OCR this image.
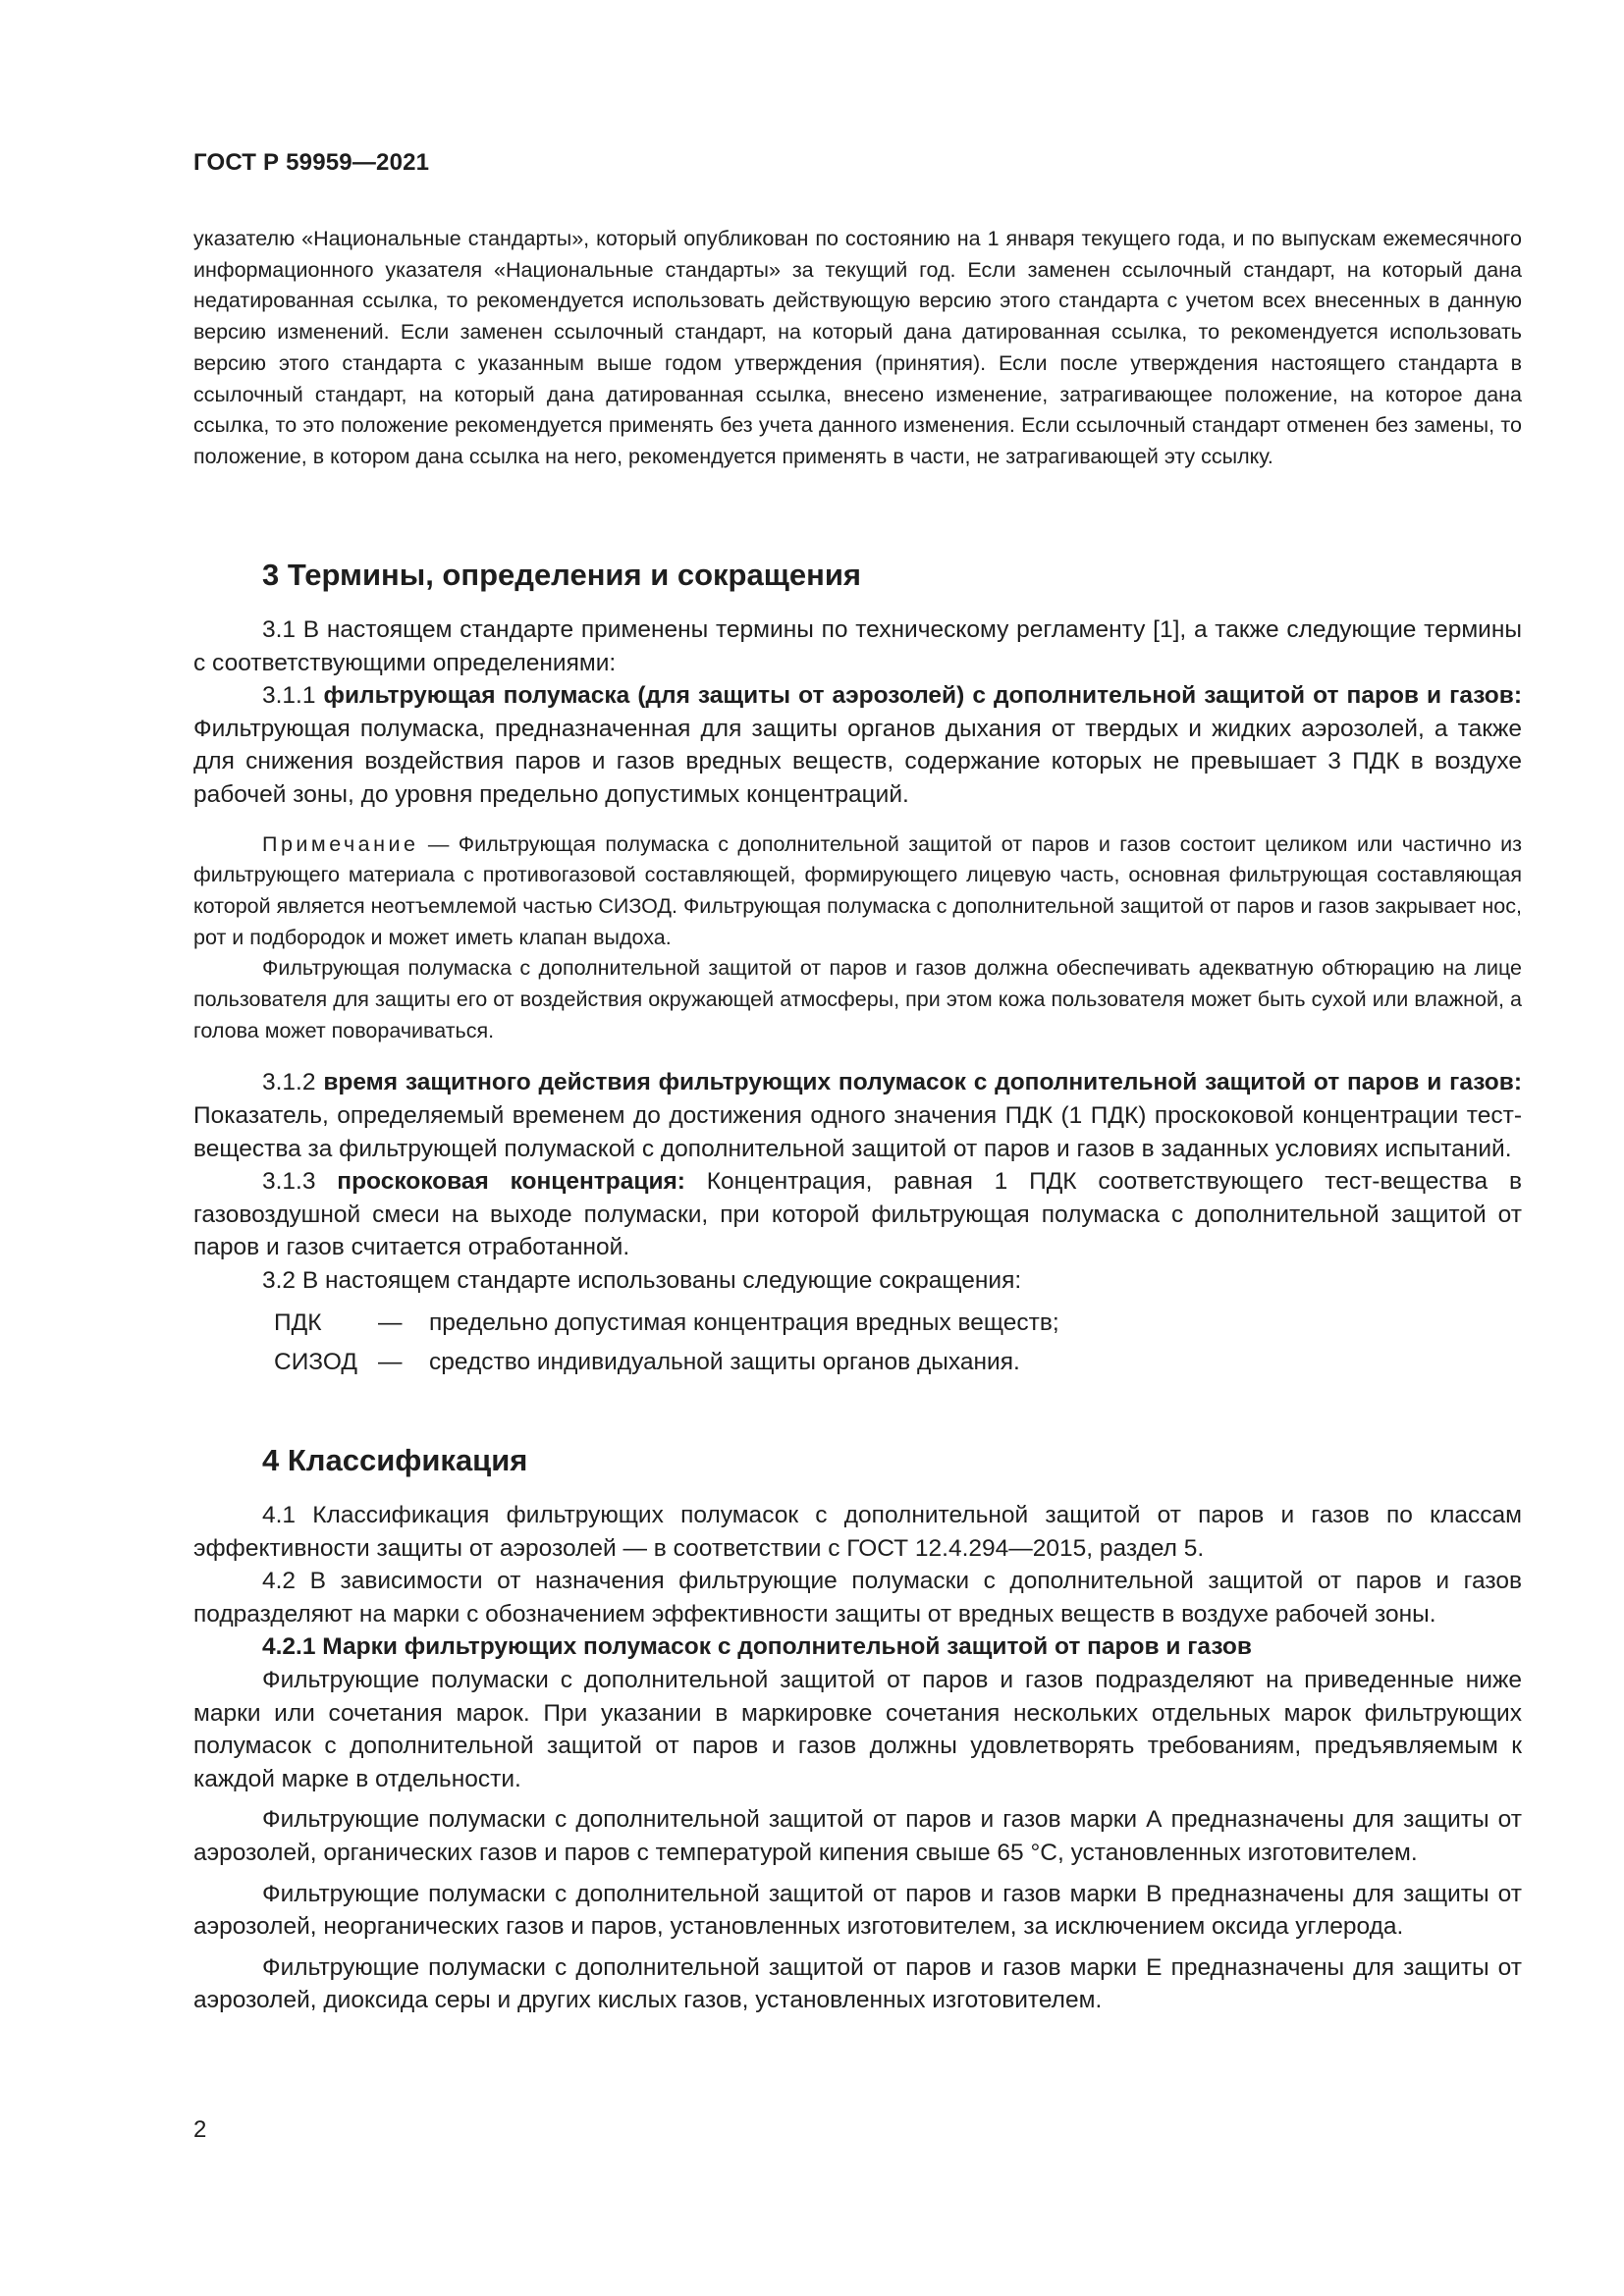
ГОСТ Р 59959—2021

указателю «Национальные стандарты», который опубликован по состоянию на 1 января текущего года, и по выпускам ежемесячного информационного указателя «Национальные стандарты» за текущий год. Если заменен ссылочный стандарт, на который дана недатированная ссылка, то рекомендуется использовать действующую версию этого стандарта с учетом всех внесенных в данную версию изменений. Если заменен ссылочный стандарт, на который дана датированная ссылка, то рекомендуется использовать версию этого стандарта с указанным выше годом утверждения (принятия). Если после утверждения настоящего стандарта в ссылочный стандарт, на который дана датированная ссылка, внесено изменение, затрагивающее положение, на которое дана ссылка, то это положение рекомендуется применять без учета данного изменения. Если ссылочный стандарт отменен без замены, то положение, в котором дана ссылка на него, рекомендуется применять в части, не затрагивающей эту ссылку.

3 Термины, определения и сокращения

3.1 В настоящем стандарте применены термины по техническому регламенту [1], а также следующие термины с соответствующими определениями:

3.1.1 фильтрующая полумаска (для защиты от аэрозолей) с дополнительной защитой от паров и газов: Фильтрующая полумаска, предназначенная для защиты органов дыхания от твердых и жидких аэрозолей, а также для снижения воздействия паров и газов вредных веществ, содержание которых не превышает 3 ПДК в воздухе рабочей зоны, до уровня предельно допустимых концентраций.

Примечание — Фильтрующая полумаска с дополнительной защитой от паров и газов состоит целиком или частично из фильтрующего материала с противогазовой составляющей, формирующего лицевую часть, основная фильтрующая составляющая которой является неотъемлемой частью СИЗОД. Фильтрующая полумаска с дополнительной защитой от паров и газов закрывает нос, рот и подбородок и может иметь клапан выдоха.

Фильтрующая полумаска с дополнительной защитой от паров и газов должна обеспечивать адекватную обтюрацию на лице пользователя для защиты его от воздействия окружающей атмосферы, при этом кожа пользователя может быть сухой или влажной, а голова может поворачиваться.

3.1.2 время защитного действия фильтрующих полумасок с дополнительной защитой от паров и газов: Показатель, определяемый временем до достижения одного значения ПДК (1 ПДК) проскоковой концентрации тест-вещества за фильтрующей полумаской с дополнительной защитой от паров и газов в заданных условиях испытаний.

3.1.3 проскоковая концентрация: Концентрация, равная 1 ПДК соответствующего тест-вещества в газовоздушной смеси на выходе полумаски, при которой фильтрующая полумаска с дополнительной защитой от паров и газов считается отработанной.

3.2 В настоящем стандарте использованы следующие сокращения:

ПДК	—	предельно допустимая концентрация вредных веществ;
СИЗОД —	средство индивидуальной защиты органов дыхания.
4 Классификация

4.1 Классификация фильтрующих полумасок с дополнительной защитой от паров и газов по классам эффективности защиты от аэрозолей — в соответствии с ГОСТ 12.4.294—2015, раздел 5.

4.2 В зависимости от назначения фильтрующие полумаски с дополнительной защитой от паров и газов подразделяют на марки с обозначением эффективности защиты от вредных веществ в воздухе рабочей зоны.

4.2.1 Марки фильтрующих полумасок с дополнительной защитой от паров и газов

Фильтрующие полумаски с дополнительной защитой от паров и газов подразделяют на приведенные ниже марки или сочетания марок. При указании в маркировке сочетания нескольких отдельных марок фильтрующих полумасок с дополнительной защитой от паров и газов должны удовлетворять требованиям, предъявляемым к каждой марке в отдельности.

Фильтрующие полумаски с дополнительной защитой от паров и газов марки А предназначены для защиты от аэрозолей, органических газов и паров с температурой кипения свыше 65 °С, установленных изготовителем.

Фильтрующие полумаски с дополнительной защитой от паров и газов марки В предназначены для защиты от аэрозолей, неорганических газов и паров, установленных изготовителем, за исключением оксида углерода.

Фильтрующие полумаски с дополнительной защитой от паров и газов марки Е предназначены для защиты от аэрозолей, диоксида серы и других кислых газов, установленных изготовителем.

2
